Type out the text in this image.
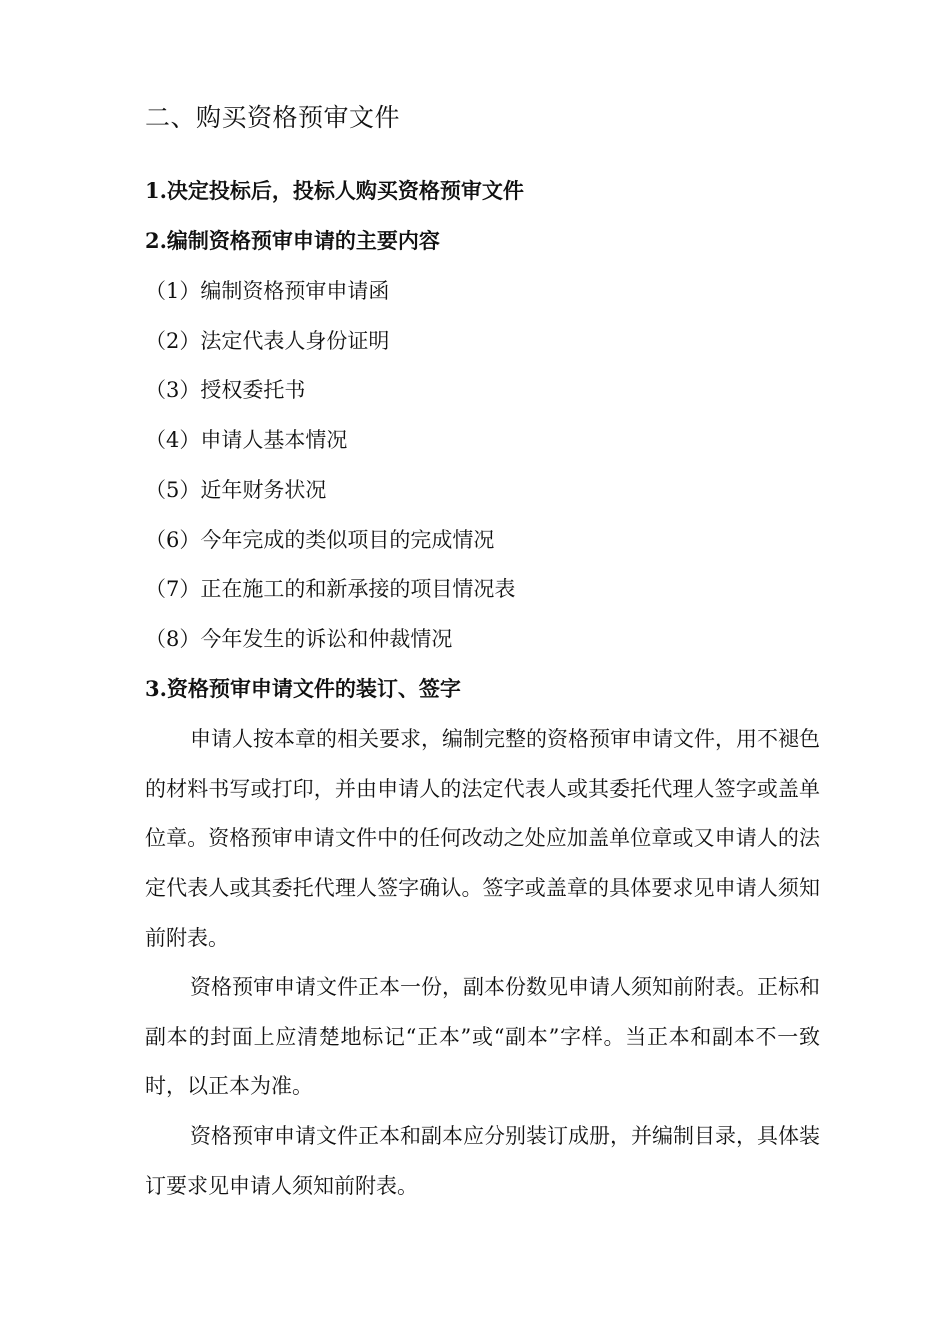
二、购买资格预审文件
1.决定投标后，投标人购买资格预审文件
2.编制资格预审申请的主要内容
（1）编制资格预审申请函
（2）法定代表人身份证明
（3）授权委托书
（4）申请人基本情况
（5）近年财务状况
（6）今年完成的类似项目的完成情况
（7）正在施工的和新承接的项目情况表
（8）今年发生的诉讼和仲裁情况
3.资格预审申请文件的装订、签字

申请人按本章的相关要求，编制完整的资格预审申请文件，用不褪色的材料书写或打印，并由申请人的法定代表人或其委托代理人签字或盖单位章。资格预审申请文件中的任何改动之处应加盖单位章或又申请人的法定代表人或其委托代理人签字确认。签字或盖章的具体要求见申请人须知前附表。

资格预审申请文件正本一份，副本份数见申请人须知前附表。正标和副本的封面上应清楚地标记“正本”或“副本”字样。当正本和副本不一致时，以正本为准。

资格预审申请文件正本和副本应分别装订成册，并编制目录，具体装订要求见申请人须知前附表。
